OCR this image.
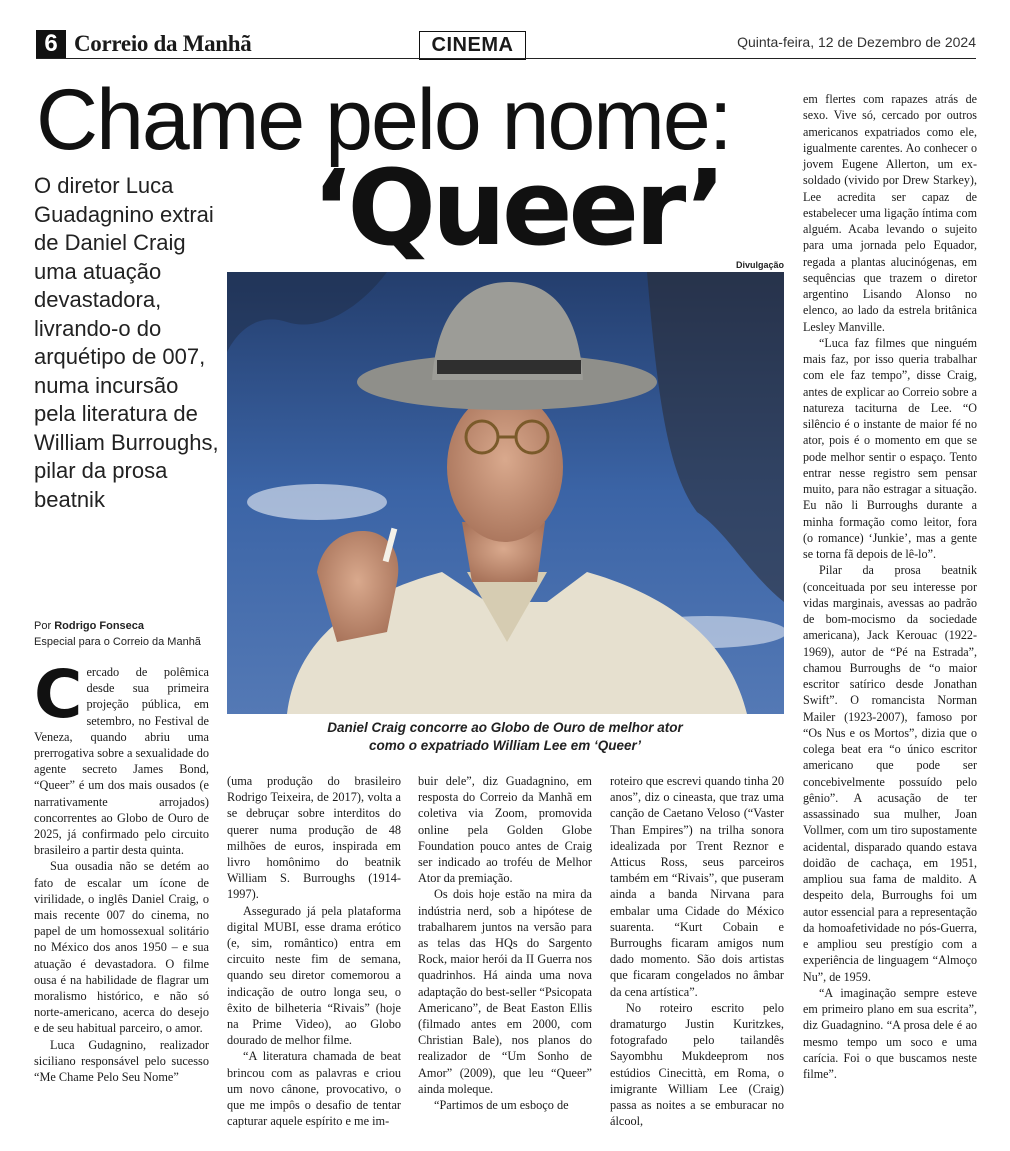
6 Correio da Manhã	CINEMA	Quinta-feira, 12 de Dezembro de 2024
Chame pelo nome:
‘Queer’
O diretor Luca Guadagnino extrai de Daniel Craig uma atuação devastadora, livrando-o do arquétipo de 007, numa incursão pela literatura de William Burroughs, pilar da prosa beatnik
Por Rodrigo Fonseca
Especial para o Correio da Manhã
Divulgação
Daniel Craig concorre ao Globo de Ouro de melhor ator
como o expatriado William Lee em ‘Queer’

Cercado de polêmica desde sua primeira projeção pública, em setembro, no Festival de Veneza, quando abriu uma prerrogativa sobre a sexualidade do agente secreto James Bond, “Queer” é um dos mais ousados (e narrativamente arrojados) concorrentes ao Globo de Ouro de 2025, já confirmado pelo circuito brasileiro a partir desta quinta.

Sua ousadia não se detém ao fato de escalar um ícone de virilidade, o inglês Daniel Craig, o mais recente 007 do cinema, no papel de um homossexual solitário no México dos anos 1950 – e sua atuação é devastadora. O filme ousa é na habilidade de flagrar um moralismo histórico, e não só norte-americano, acerca do desejo e de seu habitual parceiro, o amor.

Luca Gudagnino, realizador siciliano responsável pelo sucesso “Me Chame Pelo Seu Nome”

(uma produção do brasileiro Rodrigo Teixeira, de 2017), volta a se debruçar sobre interditos do querer numa produção de 48 milhões de euros, inspirada em livro homônimo do beatnik William S. Burroughs (1914-1997).

Assegurado já pela plataforma digital MUBI, esse drama erótico (e, sim, romântico) entra em circuito neste fim de semana, quando seu diretor comemorou a indicação de outro longa seu, o êxito de bilheteria “Rivais” (hoje na Prime Video), ao Globo dourado de melhor filme.

“A literatura chamada de beat brincou com as palavras e criou um novo cânone, provocativo, o que me impôs o desafio de tentar capturar aquele espírito e me im-

buir dele”, diz Guadagnino, em resposta do Correio da Manhã em coletiva via Zoom, promovida online pela Golden Globe Foundation pouco antes de Craig ser indicado ao troféu de Melhor Ator da premiação.

Os dois hoje estão na mira da indústria nerd, sob a hipótese de trabalharem juntos na versão para as telas das HQs do Sargento Rock, maior herói da II Guerra nos quadrinhos. Há ainda uma nova adaptação do best-seller “Psicopata Americano”, de Beat Easton Ellis (filmado antes em 2000, com Christian Bale), nos planos do realizador de “Um Sonho de Amor” (2009), que leu “Queer” ainda moleque.

“Partimos de um esboço de

roteiro que escrevi quando tinha 20 anos”, diz o cineasta, que traz uma canção de Caetano Veloso (“Vaster Than Empires”) na trilha sonora idealizada por Trent Reznor e Atticus Ross, seus parceiros também em “Rivais”, que puseram ainda a banda Nirvana para embalar uma Cidade do México suarenta. “Kurt Cobain e Burroughs ficaram amigos num dado momento. São dois artistas que ficaram congelados no âmbar da cena artística”.

No roteiro escrito pelo dramaturgo Justin Kuritzkes, fotografado pelo tailandês Sayombhu Mukdeeprom nos estúdios Cinecittà, em Roma, o imigrante William Lee (Craig) passa as noites a se emburacar no álcool,

em flertes com rapazes atrás de sexo. Vive só, cercado por outros americanos expatriados como ele, igualmente carentes. Ao conhecer o jovem Eugene Allerton, um ex-soldado (vivido por Drew Starkey), Lee acredita ser capaz de estabelecer uma ligação íntima com alguém. Acaba levando o sujeito para uma jornada pelo Equador, regada a plantas alucinógenas, em sequências que trazem o diretor argentino Lisando Alonso no elenco, ao lado da estrela britânica Lesley Manville.

“Luca faz filmes que ninguém mais faz, por isso queria trabalhar com ele faz tempo”, disse Craig, antes de explicar ao Correio sobre a natureza taciturna de Lee. “O silêncio é o instante de maior fé no ator, pois é o momento em que se pode melhor sentir o espaço. Tento entrar nesse registro sem pensar muito, para não estragar a situação. Eu não li Burroughs durante a minha formação como leitor, fora (o romance) ‘Junkie’, mas a gente se torna fã depois de lê-lo”.

Pilar da prosa beatnik (conceituada por seu interesse por vidas marginais, avessas ao padrão de bom-mocismo da sociedade americana), Jack Kerouac (1922-1969), autor de “Pé na Estrada”, chamou Burroughs de “o maior escritor satírico desde Jonathan Swift”. O romancista Norman Mailer (1923-2007), famoso por “Os Nus e os Mortos”, dizia que o colega beat era “o único escritor americano que pode ser concebivelmente possuído pelo gênio”. A acusação de ter assassinado sua mulher, Joan Vollmer, com um tiro supostamente acidental, disparado quando estava doidão de cachaça, em 1951, ampliou sua fama de maldito. A despeito dela, Burroughs foi um autor essencial para a representação da homoafetividade no pós-Guerra, e ampliou seu prestígio com a experiência de linguagem “Almoço Nu”, de 1959.

“A imaginação sempre esteve em primeiro plano em sua escrita”, diz Guadagnino. “A prosa dele é ao mesmo tempo um soco e uma carícia. Foi o que buscamos neste filme”.
